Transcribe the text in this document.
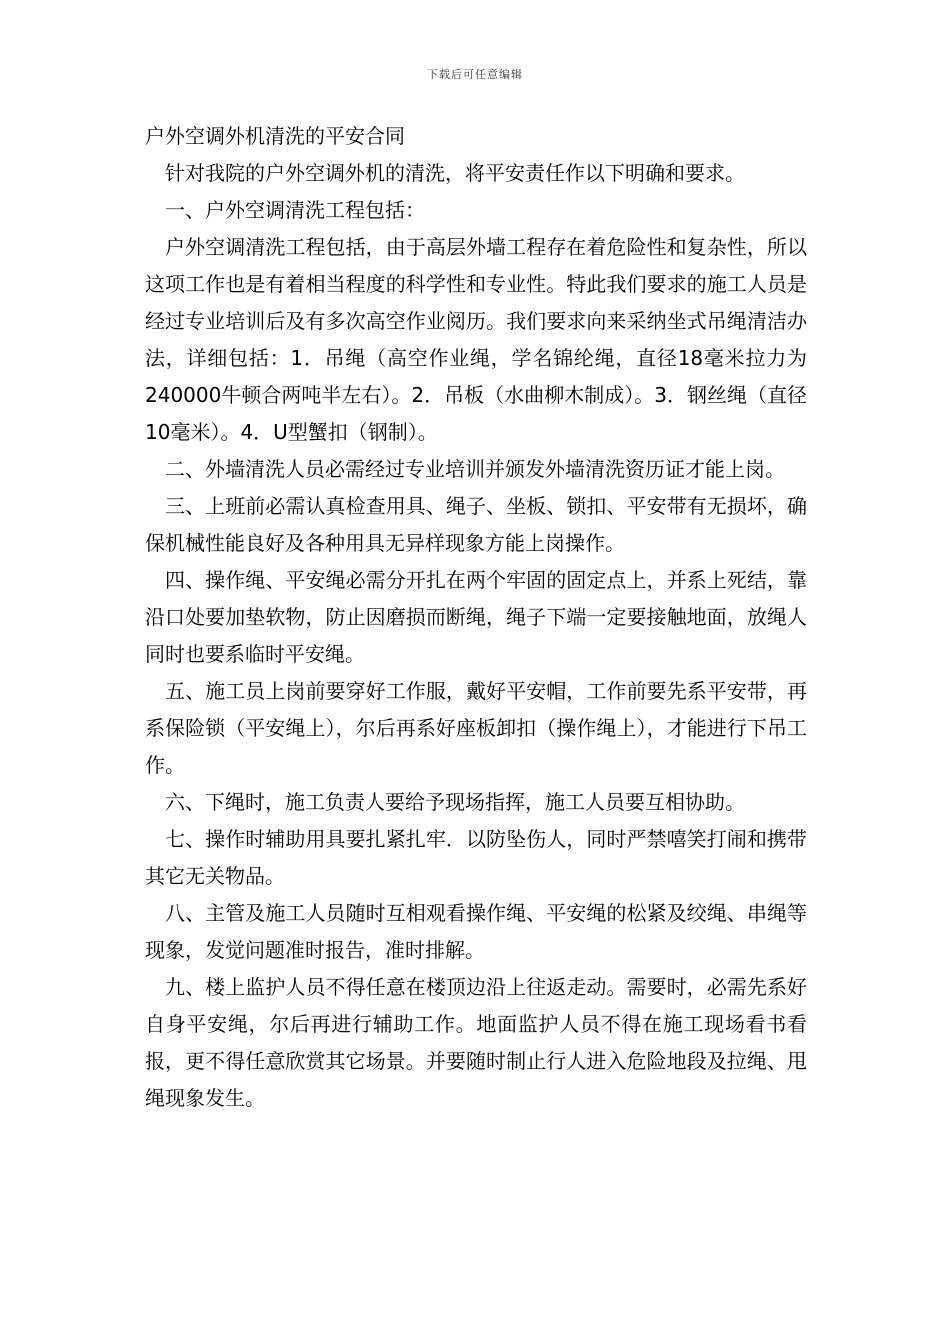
下载后可任意编辑

户外空调外机清洗的平安合同

针对我院的户外空调外机的清洗，将平安责任作以下明确和要求。

一、户外空调清洗工程包括：

户外空调清洗工程包括，由于高层外墙工程存在着危险性和复杂性，所以这项工作也是有着相当程度的科学性和专业性。特此我们要求的施工人员是经过专业培训后及有多次高空作业阅历。我们要求向来采纳坐式吊绳清洁办法，详细包括：1．吊绳（高空作业绳，学名锦纶绳，直径18毫米拉力为240000牛顿合两吨半左右）。2．吊板（水曲柳木制成）。3．钢丝绳（直径10毫米）。4．U型蟹扣（钢制）。

二、外墙清洗人员必需经过专业培训并颁发外墙清洗资历证才能上岗。

三、上班前必需认真检查用具、绳子、坐板、锁扣、平安带有无损坏，确保机械性能良好及各种用具无异样现象方能上岗操作。

四、操作绳、平安绳必需分开扎在两个牢固的固定点上，并系上死结，靠沿口处要加垫软物，防止因磨损而断绳，绳子下端一定要接触地面，放绳人同时也要系临时平安绳。

五、施工员上岗前要穿好工作服，戴好平安帽，工作前要先系平安带，再系保险锁（平安绳上），尔后再系好座板卸扣（操作绳上），才能进行下吊工作。

六、下绳时，施工负责人要给予现场指挥，施工人员要互相协助。

七、操作时辅助用具要扎紧扎牢．以防坠伤人，同时严禁嘻笑打闹和携带其它无关物品。

八、主管及施工人员随时互相观看操作绳、平安绳的松紧及绞绳、串绳等现象，发觉问题准时报告，准时排解。

九、楼上监护人员不得任意在楼顶边沿上往返走动。需要时，必需先系好自身平安绳，尔后再进行辅助工作。地面监护人员不得在施工现场看书看报，更不得任意欣赏其它场景。并要随时制止行人进入危险地段及拉绳、甩绳现象发生。
